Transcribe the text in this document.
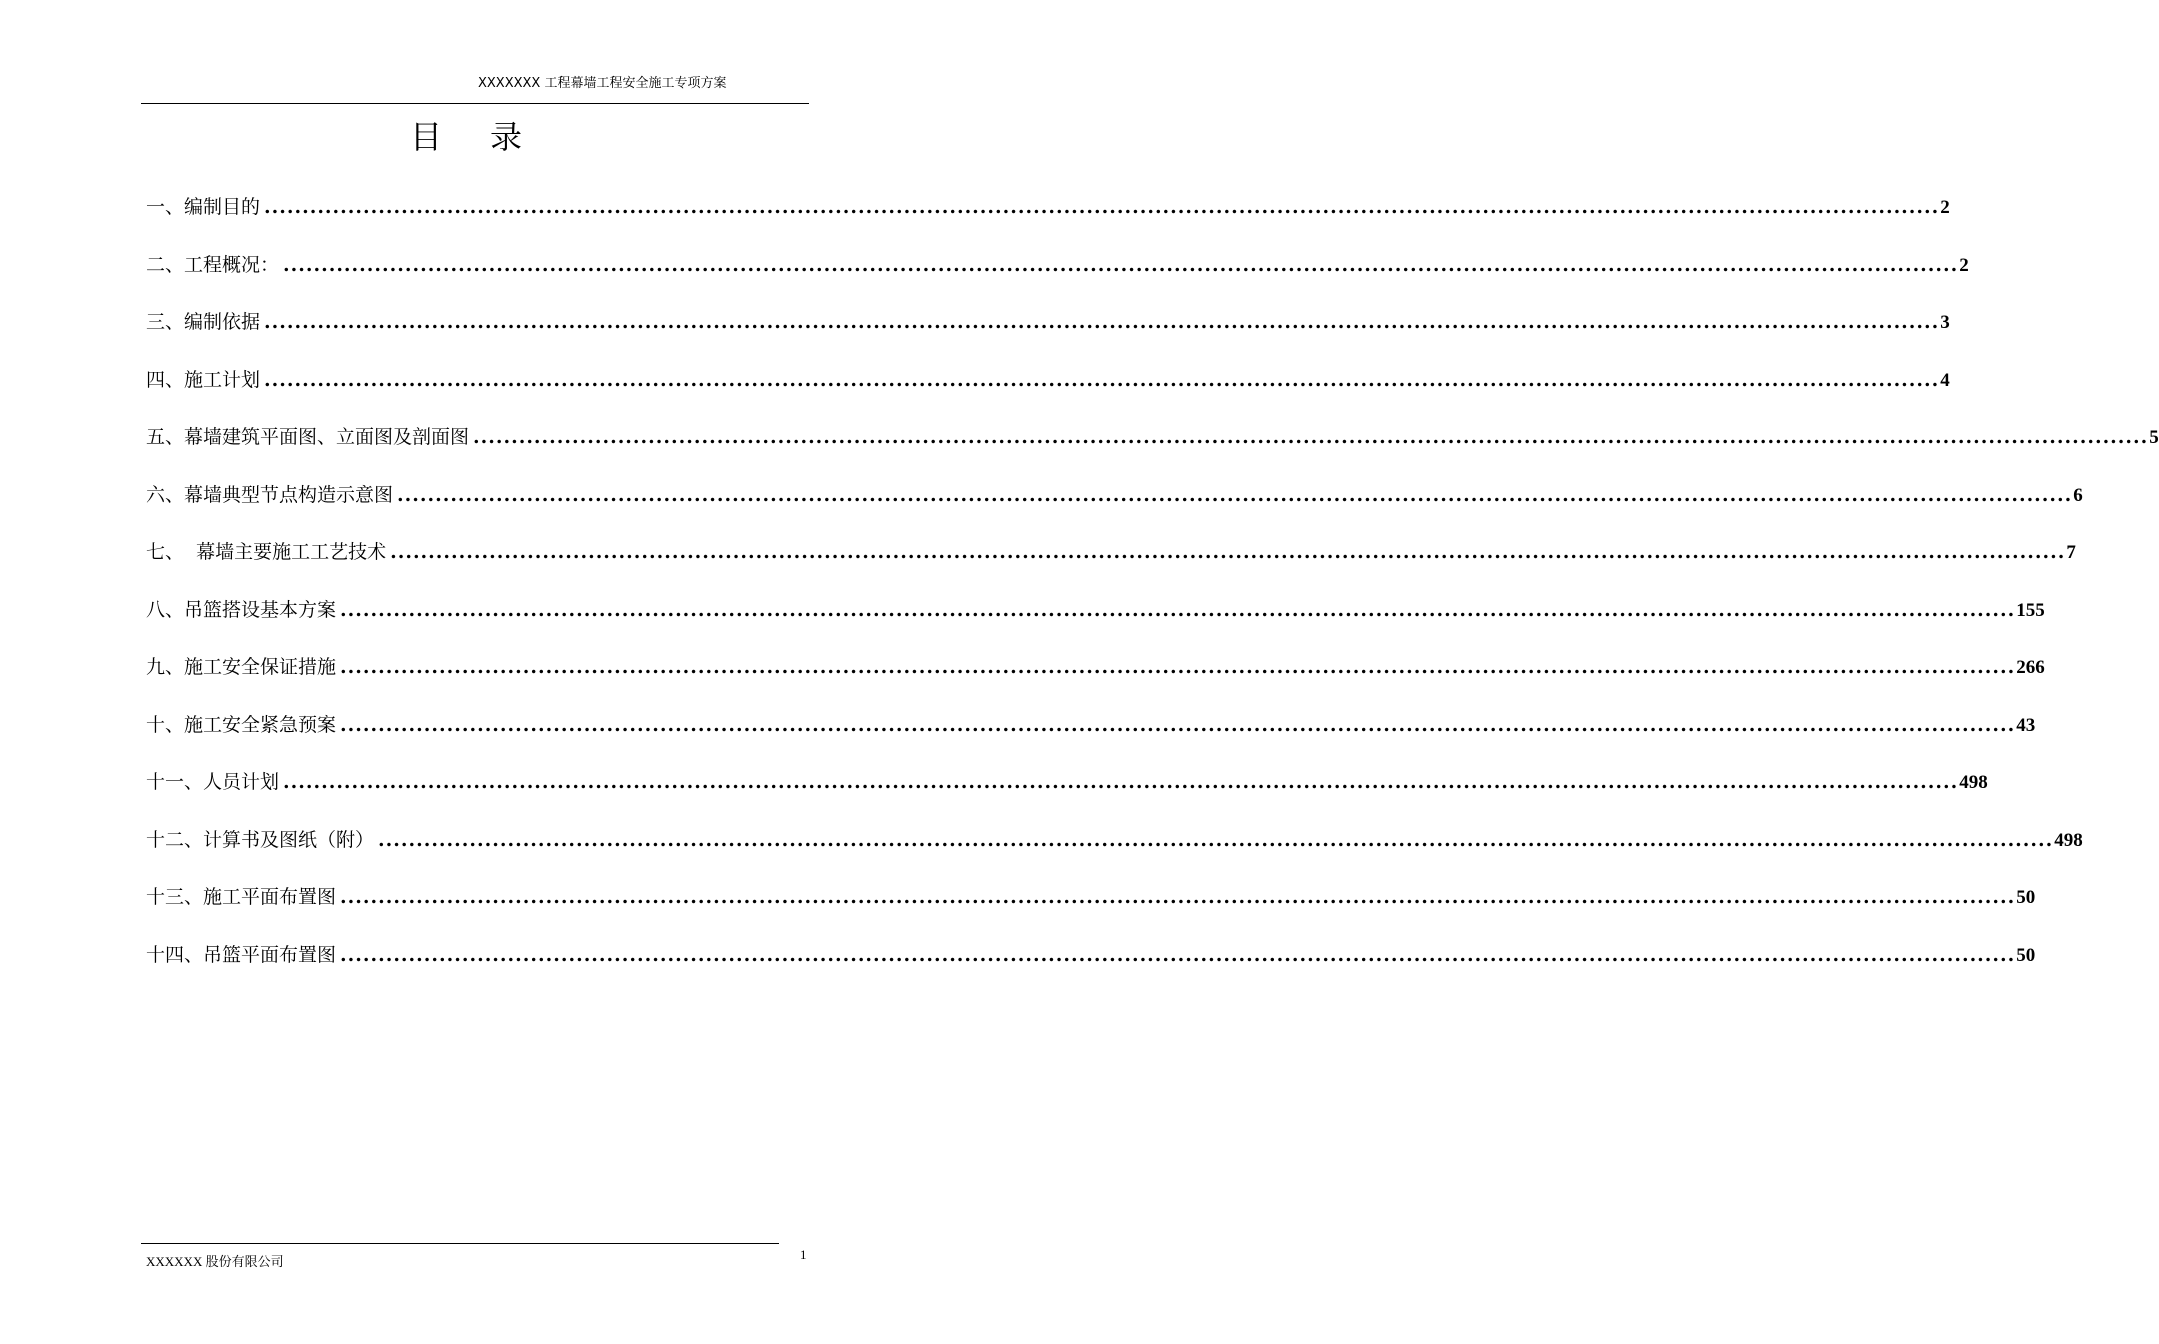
XXXXXXX 工程幕墙工程安全施工专项方案
目录
一、编制目的 ............................................................................................................................................................................................................................ 2
二、工程概况： ............................................................................................................................................................................................................................ 2
三、编制依据 ............................................................................................................................................................................................................................ 3
四、施工计划 ............................................................................................................................................................................................................................ 4
五、幕墙建筑平面图、立面图及剖面图 ............................................................................................................................................................................................................................ 5
六、幕墙典型节点构造示意图 ............................................................................................................................................................................................................................ 6
七、  幕墙主要施工工艺技术 ............................................................................................................................................................................................................................ 7
八、吊篮搭设基本方案 ............................................................................................................................................................................................................................ 155
九、施工安全保证措施 ............................................................................................................................................................................................................................ 266
十、施工安全紧急预案 ............................................................................................................................................................................................................................ 43
十一、人员计划 ............................................................................................................................................................................................................................ 498
十二、计算书及图纸（附） ............................................................................................................................................................................................................................ 498
十三、施工平面布置图 ............................................................................................................................................................................................................................ 50
十四、吊篮平面布置图 ............................................................................................................................................................................................................................ 50
XXXXXX 股份有限公司	1
